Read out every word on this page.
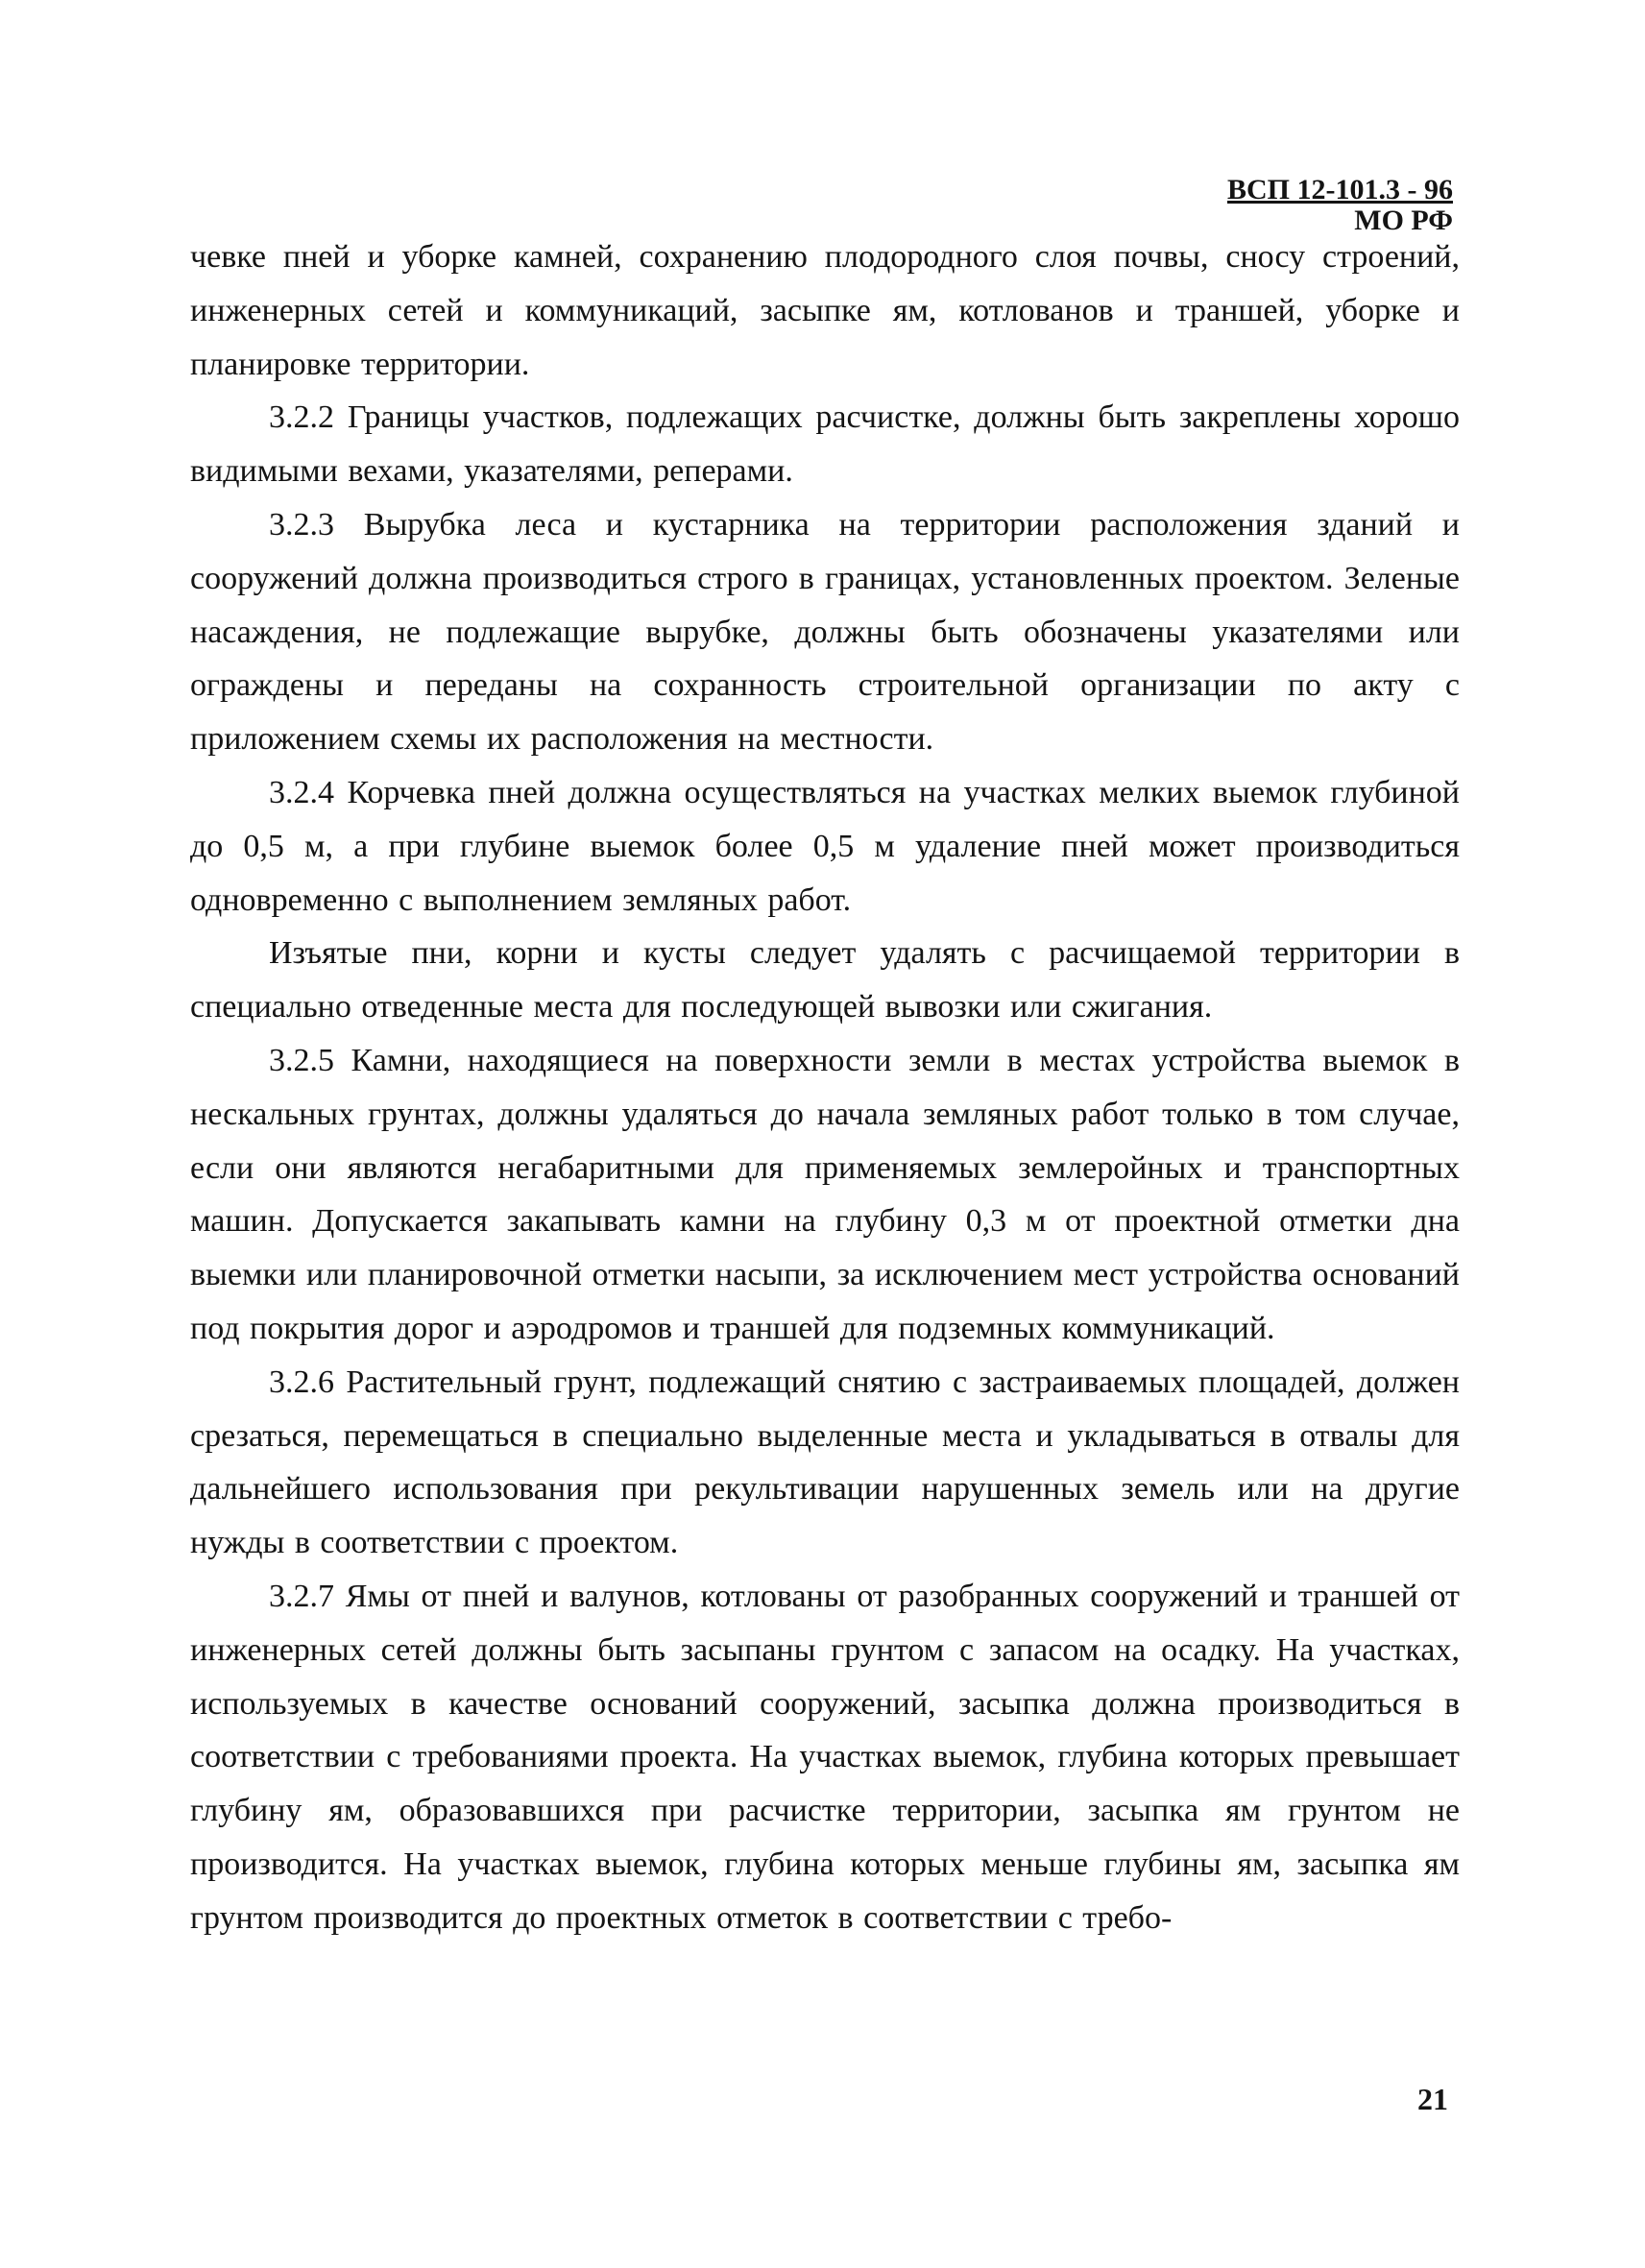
ВСП 12-101.3 - 96
МО РФ

чевке пней и уборке камней, сохранению плодородного слоя почвы, сносу строений, инженерных сетей и коммуникаций, засыпке ям, котлованов и траншей, уборке и планировке территории.

3.2.2 Границы участков, подлежащих расчистке, должны быть закреплены хорошо видимыми вехами, указателями, реперами.

3.2.3 Вырубка леса и кустарника на территории расположения зданий и сооружений должна производиться строго в границах, установленных проектом. Зеленые насаждения, не подлежащие вырубке, должны быть обозначены указателями или ограждены и переданы на сохранность строительной организации по акту с приложением схемы их расположения на местности.

3.2.4 Корчевка пней должна осуществляться на участках мелких выемок глубиной до 0,5 м, а при глубине выемок более 0,5 м удаление пней может производиться одновременно с выполнением земляных работ.

Изъятые пни, корни и кусты следует удалять с расчищаемой территории в специально отведенные места для последующей вывозки или сжигания.

3.2.5 Камни, находящиеся на поверхности земли в местах устройства выемок в нескальных грунтах, должны удаляться до начала земляных работ только в том случае, если они являются негабаритными для применяемых землеройных и транспортных машин. Допускается закапывать камни на глубину 0,3 м от проектной отметки дна выемки или планировочной отметки насыпи, за исключением мест устройства оснований под покрытия дорог и аэродромов и траншей для подземных коммуникаций.

3.2.6 Растительный грунт, подлежащий снятию с застраиваемых площадей, должен срезаться, перемещаться в специально выделенные места и укладываться в отвалы для дальнейшего использования при рекультивации нарушенных земель или на другие нужды в соответствии с проектом.

3.2.7 Ямы от пней и валунов, котлованы от разобранных сооружений и траншей от инженерных сетей должны быть засыпаны грунтом с запасом на осадку. На участках, используемых в качестве оснований сооружений, засыпка должна производиться в соответствии с требованиями проекта. На участках выемок, глубина которых превышает глубину ям, образовавшихся при расчистке территории, засыпка ям грунтом не производится. На участках выемок, глубина которых меньше глубины ям, засыпка ям грунтом производится до проектных отметок в соответствии с требо-

21
